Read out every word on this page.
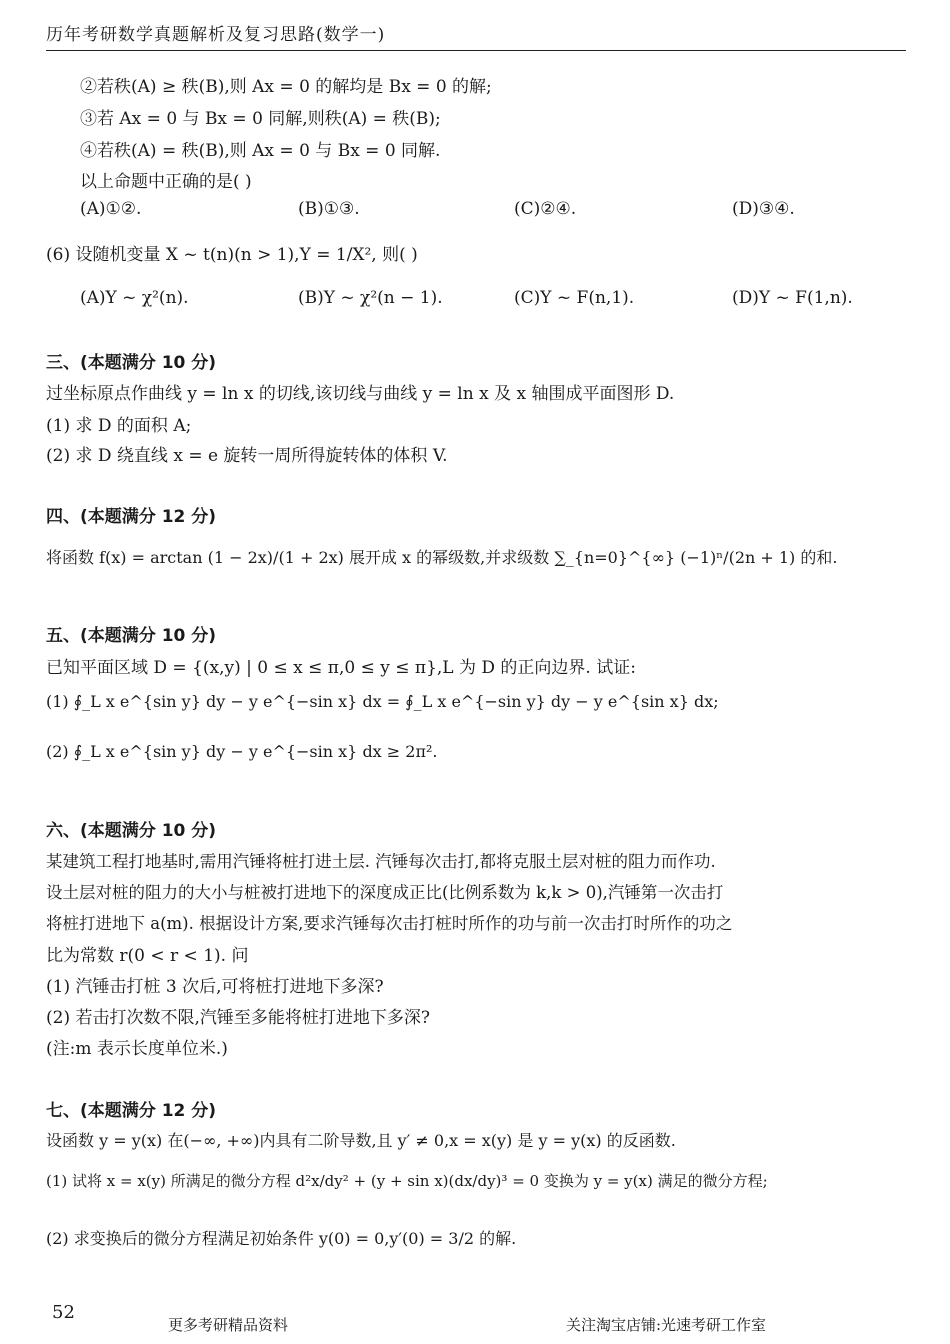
历年考研数学真题解析及复习思路(数学一)
②若秩(A) ≥ 秩(B),则 Ax = 0 的解均是 Bx = 0 的解;
③若 Ax = 0 与 Bx = 0 同解,则秩(A) = 秩(B);
④若秩(A) = 秩(B),则 Ax = 0 与 Bx = 0 同解.
以上命题中正确的是( )
(A)①②.	(B)①③.	(C)②④.	(D)③④.
(6) 设随机变量 X ~ t(n)(n > 1),Y = 1/X², 则( )
(A)Y ~ χ²(n).	(B)Y ~ χ²(n − 1).	(C)Y ~ F(n,1).	(D)Y ~ F(1,n).
三、(本题满分 10 分)
过坐标原点作曲线 y = ln x 的切线,该切线与曲线 y = ln x 及 x 轴围成平面图形 D.
(1) 求 D 的面积 A;
(2) 求 D 绕直线 x = e 旋转一周所得旋转体的体积 V.
四、(本题满分 12 分)
将函数 f(x) = arctan (1 − 2x)/(1 + 2x) 展开成 x 的幂级数,并求级数 ∑_{n=0}^{∞} (−1)ⁿ/(2n + 1) 的和.
五、(本题满分 10 分)
已知平面区域 D = {(x,y) | 0 ≤ x ≤ π,0 ≤ y ≤ π},L 为 D 的正向边界. 试证:
(1) ∮_L x e^{sin y} dy − y e^{−sin x} dx = ∮_L x e^{−sin y} dy − y e^{sin x} dx;
(2) ∮_L x e^{sin y} dy − y e^{−sin x} dx ≥ 2π².
六、(本题满分 10 分)
某建筑工程打地基时,需用汽锤将桩打进土层. 汽锤每次击打,都将克服土层对桩的阻力而作功.
设土层对桩的阻力的大小与桩被打进地下的深度成正比(比例系数为 k,k > 0),汽锤第一次击打
将桩打进地下 a(m). 根据设计方案,要求汽锤每次击打桩时所作的功与前一次击打时所作的功之
比为常数 r(0 < r < 1). 问
(1) 汽锤击打桩 3 次后,可将桩打进地下多深?
(2) 若击打次数不限,汽锤至多能将桩打进地下多深?
(注:m 表示长度单位米.)
七、(本题满分 12 分)
设函数 y = y(x) 在(−∞, +∞)内具有二阶导数,且 y′ ≠ 0,x = x(y) 是 y = y(x) 的反函数.
(1) 试将 x = x(y) 所满足的微分方程 d²x/dy² + (y + sin x)(dx/dy)³ = 0 变换为 y = y(x) 满足的微分方程;
(2) 求变换后的微分方程满足初始条件 y(0) = 0,y′(0) = 3/2 的解.
52
更多考研精品资料	关注淘宝店铺:光速考研工作室
